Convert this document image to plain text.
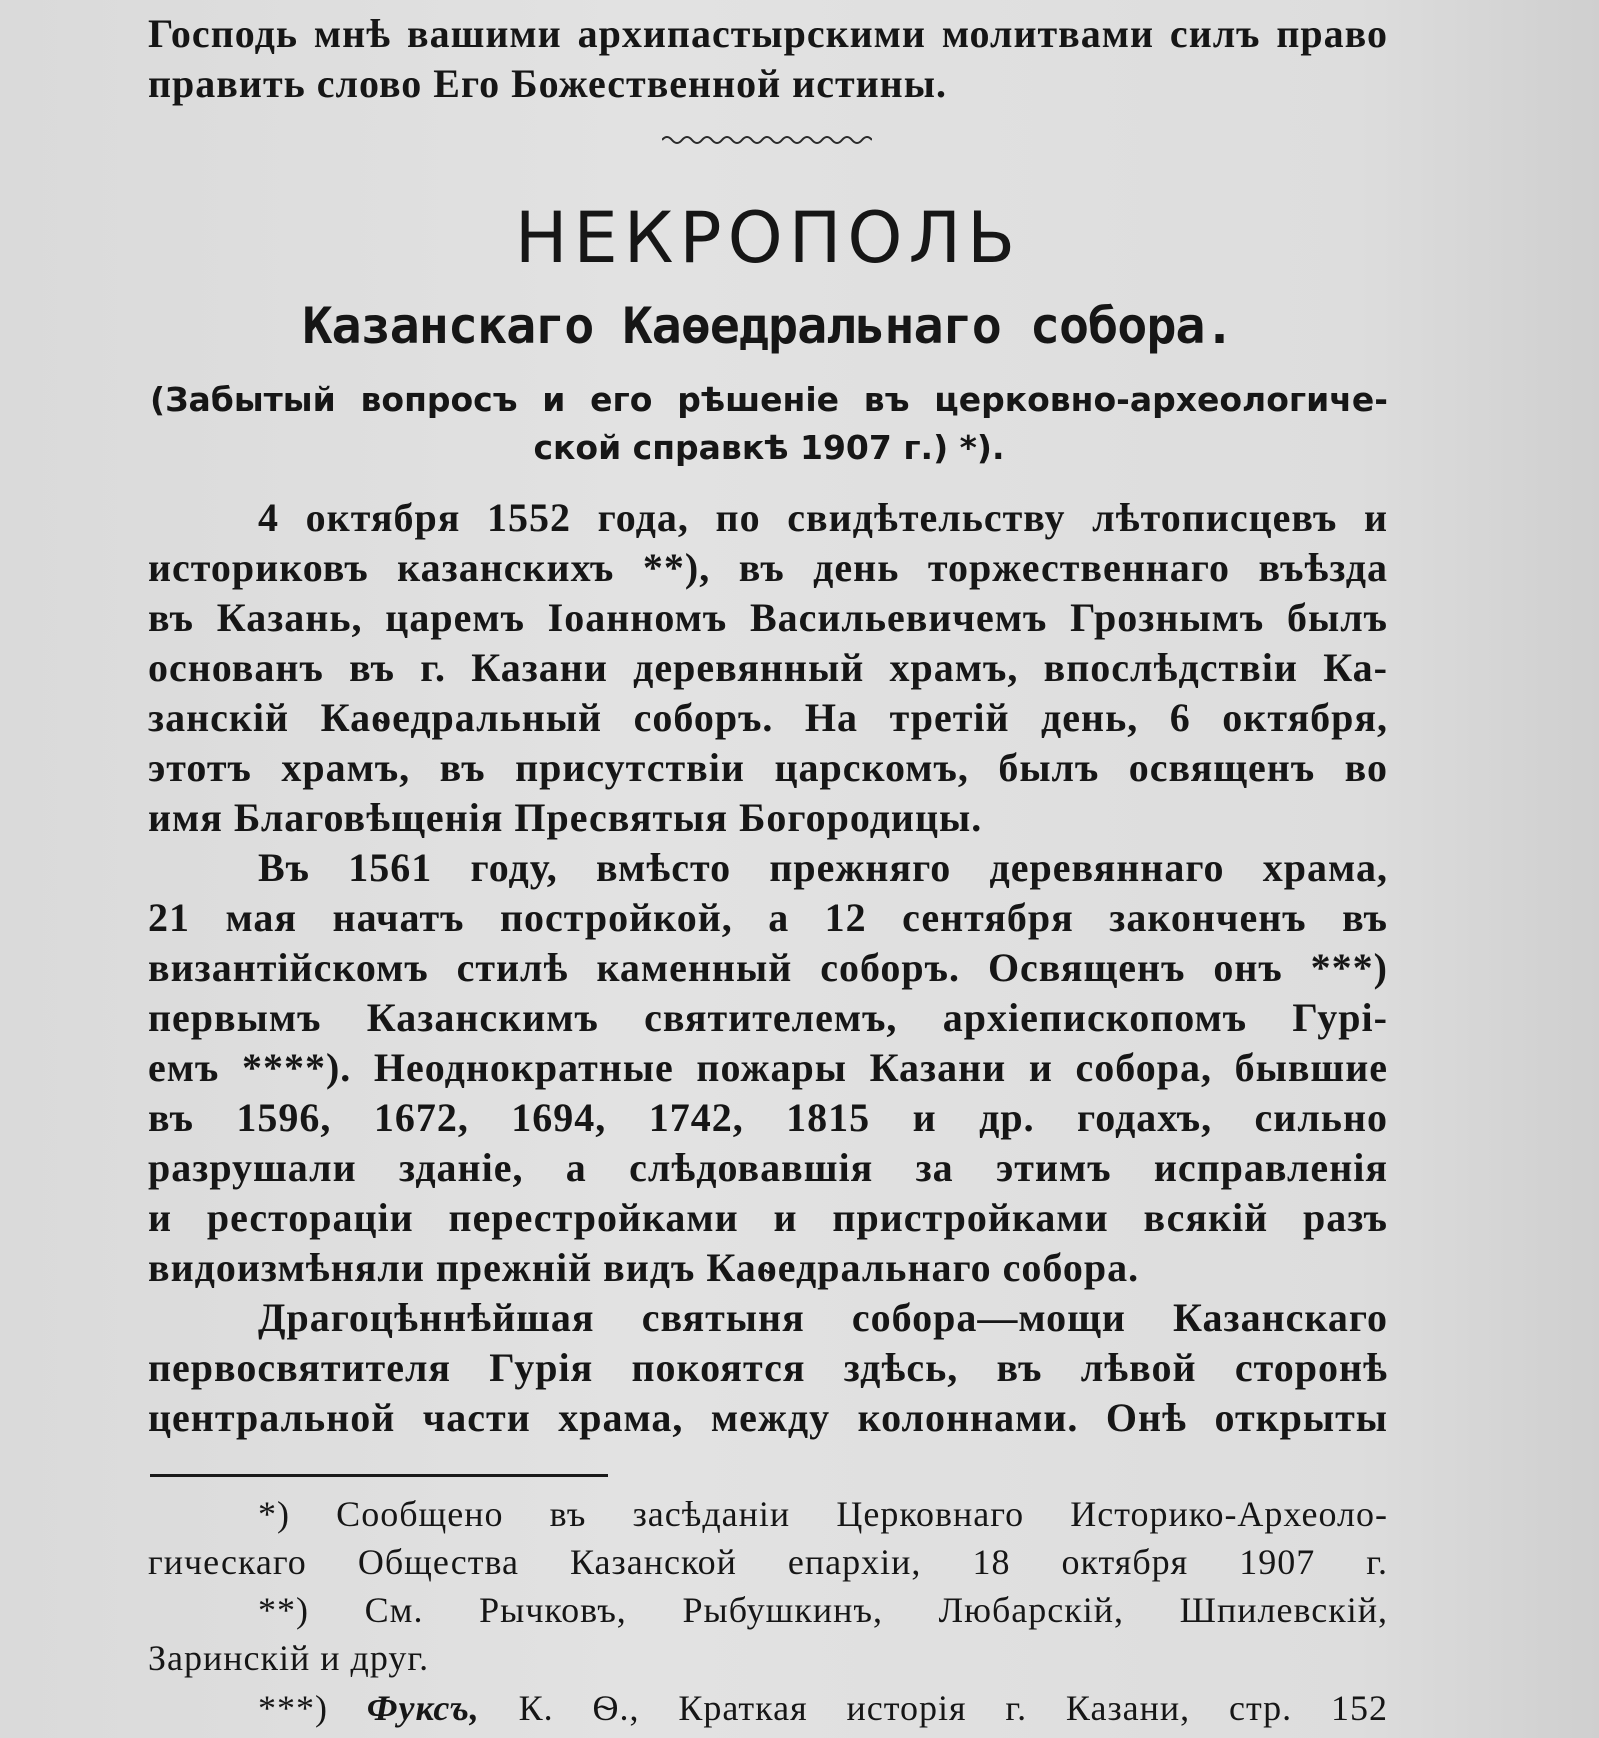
Господь мнѣ вашими архипастырскими молитвами силъ право
править слово Его Божественной истины.
НЕКРОПОЛЬ
Казанскаго Каѳедральнаго собора.
(Забытый вопросъ и его рѣшеніе въ церковно-археологиче-
ской справкѣ 1907 г.) *).
4 октября 1552 года, по свидѣтельству лѣтописцевъ и
историковъ казанскихъ **), въ день торжественнаго въѣзда
въ Казань, царемъ Іоанномъ Васильевичемъ Грознымъ былъ
основанъ въ г. Казани деревянный храмъ, впослѣдствіи Ка-
занскій Каѳедральный соборъ. На третій день, 6 октября,
этотъ храмъ, въ присутствіи царскомъ, былъ освященъ во
имя Благовѣщенія Пресвятыя Богородицы.
Въ 1561 году, вмѣсто прежняго деревяннаго храма,
21 мая начатъ постройкой, а 12 сентября законченъ въ
византійскомъ стилѣ каменный соборъ. Освященъ онъ ***)
первымъ Казанскимъ святителемъ, архіепископомъ Гурі-
емъ ****). Неоднократные пожары Казани и собора, бывшие
въ 1596, 1672, 1694, 1742, 1815 и др. годахъ, сильно
разрушали зданіе, а слѣдовавшія за этимъ исправленія
и ресторацiи перестройками и пристройками всякій разъ
видоизмѣняли прежній видъ Каѳедральнаго собора.
Драгоцѣннѣйшая святыня собора—мощи Казанскаго
первосвятителя Гурія покоятся здѣсь, въ лѣвой сторонѣ
центральной части храма, между колоннами. Онѣ открыты
*) Сообщено въ засѣданіи Церковнаго Историко-Археоло-
гическаго Общества Казанской епархіи, 18 октября 1907 г.
**) См. Рычковъ, Рыбушкинъ, Любарскій, Шпилевскій,
Заринскій и друг.
***) Фуксъ, К. Ѳ., Краткая исторія г. Казани, стр. 152
